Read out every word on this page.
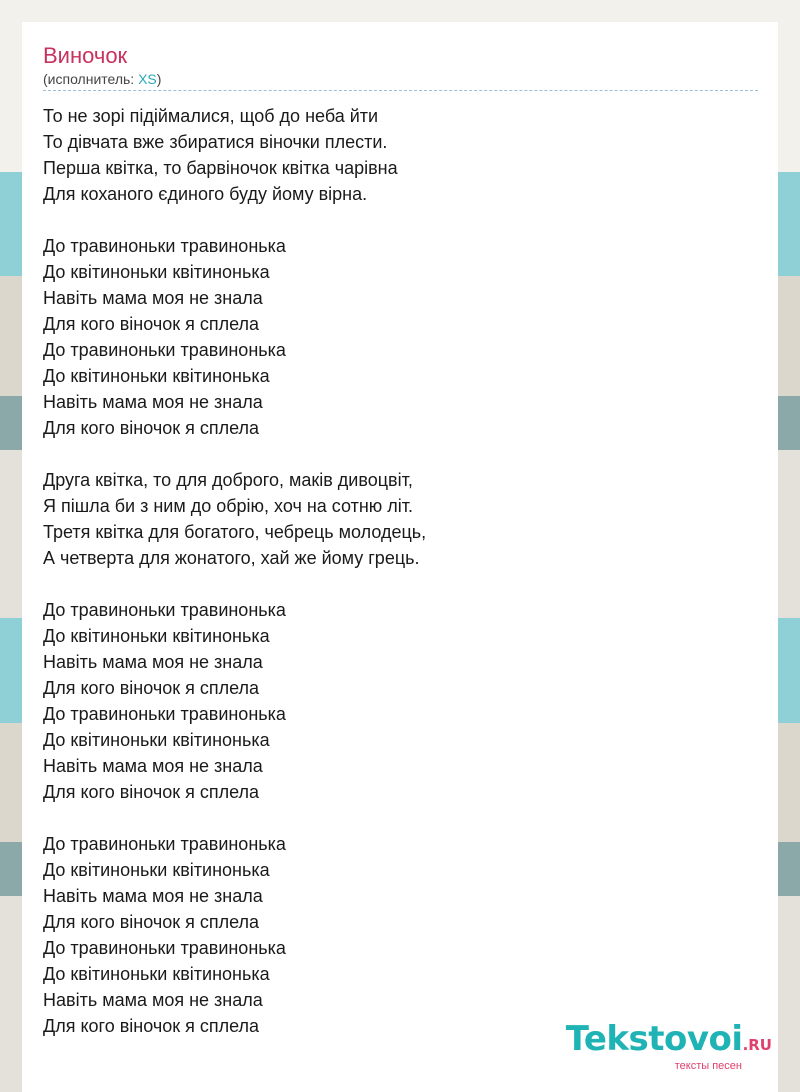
Виночок
(исполнитель: XS)
То не зорі підіймалися, щоб до неба йти
То дівчата вже збиратися віночки плести.
Перша квітка, то барвіночок квітка чарівна
Для коханого єдиного буду йому вірна.
До травиноньки травинонька
До квітиноньки квітинонька
Навіть мама моя не знала
Для кого віночок я сплела
До травиноньки травинонька
До квітиноньки квітинонька
Навіть мама моя не знала
Для кого віночок я сплела
Друга квітка, то для доброго, маків дивоцвіт,
Я пішла би з ним до обрію, хоч на сотню літ.
Третя квітка для богатого, чебрець молодець,
А четверта для жонатого, хай же йому грець.
До травиноньки травинонька
До квітиноньки квітинонька
Навіть мама моя не знала
Для кого віночок я сплела
До травиноньки травинонька
До квітиноньки квітинонька
Навіть мама моя не знала
Для кого віночок я сплела
До травиноньки травинонька
До квітиноньки квітинонька
Навіть мама моя не знала
Для кого віночок я сплела
До травиноньки травинонька
До квітиноньки квітинонька
Навіть мама моя не знала
Для кого віночок я сплела	Tekstovoi.RU
тексты песен
